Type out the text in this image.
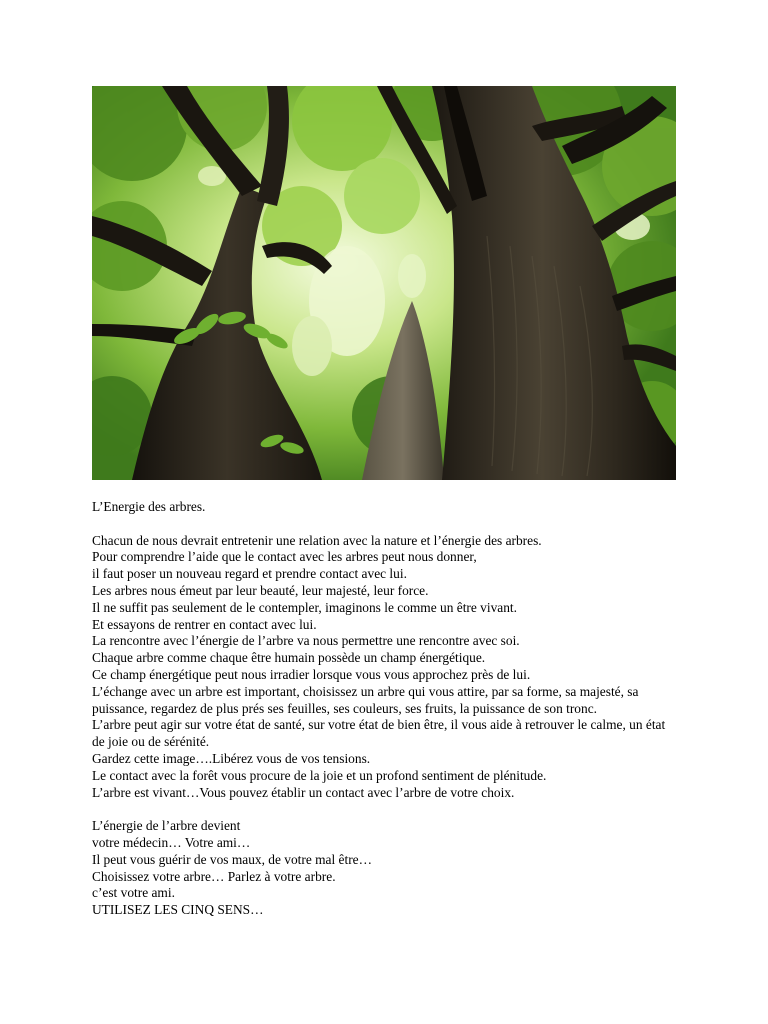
L’Energie des arbres.

Chacun de nous devrait entretenir une relation avec la nature et l’énergie des arbres.
Pour comprendre l’aide que le contact avec les arbres peut nous donner,
il faut poser un nouveau regard et prendre contact avec lui.
Les arbres nous émeut par leur beauté, leur majesté, leur force.
Il ne suffit pas seulement de le contempler, imaginons le comme un être vivant.
Et essayons de rentrer en contact avec lui.
La rencontre avec l’énergie de l’arbre va nous permettre une rencontre avec soi.
Chaque arbre comme chaque être humain possède un champ énergétique.
Ce champ énergétique peut nous irradier lorsque vous vous approchez près de lui.
L’échange avec un arbre est important, choisissez un arbre qui vous attire, par sa forme, sa majesté, sa puissance, regardez de plus prés ses feuilles, ses couleurs, ses fruits, la puissance de son tronc.
L’arbre peut agir sur votre état de santé, sur votre état de bien être, il vous aide à retrouver le calme, un état de joie ou de sérénité.
Gardez cette image….Libérez vous de vos tensions.
Le contact avec la forêt vous procure de la joie et un profond sentiment de plénitude.
L’arbre est vivant…Vous pouvez établir un contact avec l’arbre de votre choix.
L’énergie de l’arbre devient
votre médecin… Votre ami…
Il peut vous guérir de vos maux, de votre mal être…
Choisissez votre arbre… Parlez à votre arbre.
c’est votre ami.
UTILISEZ LES CINQ SENS…
